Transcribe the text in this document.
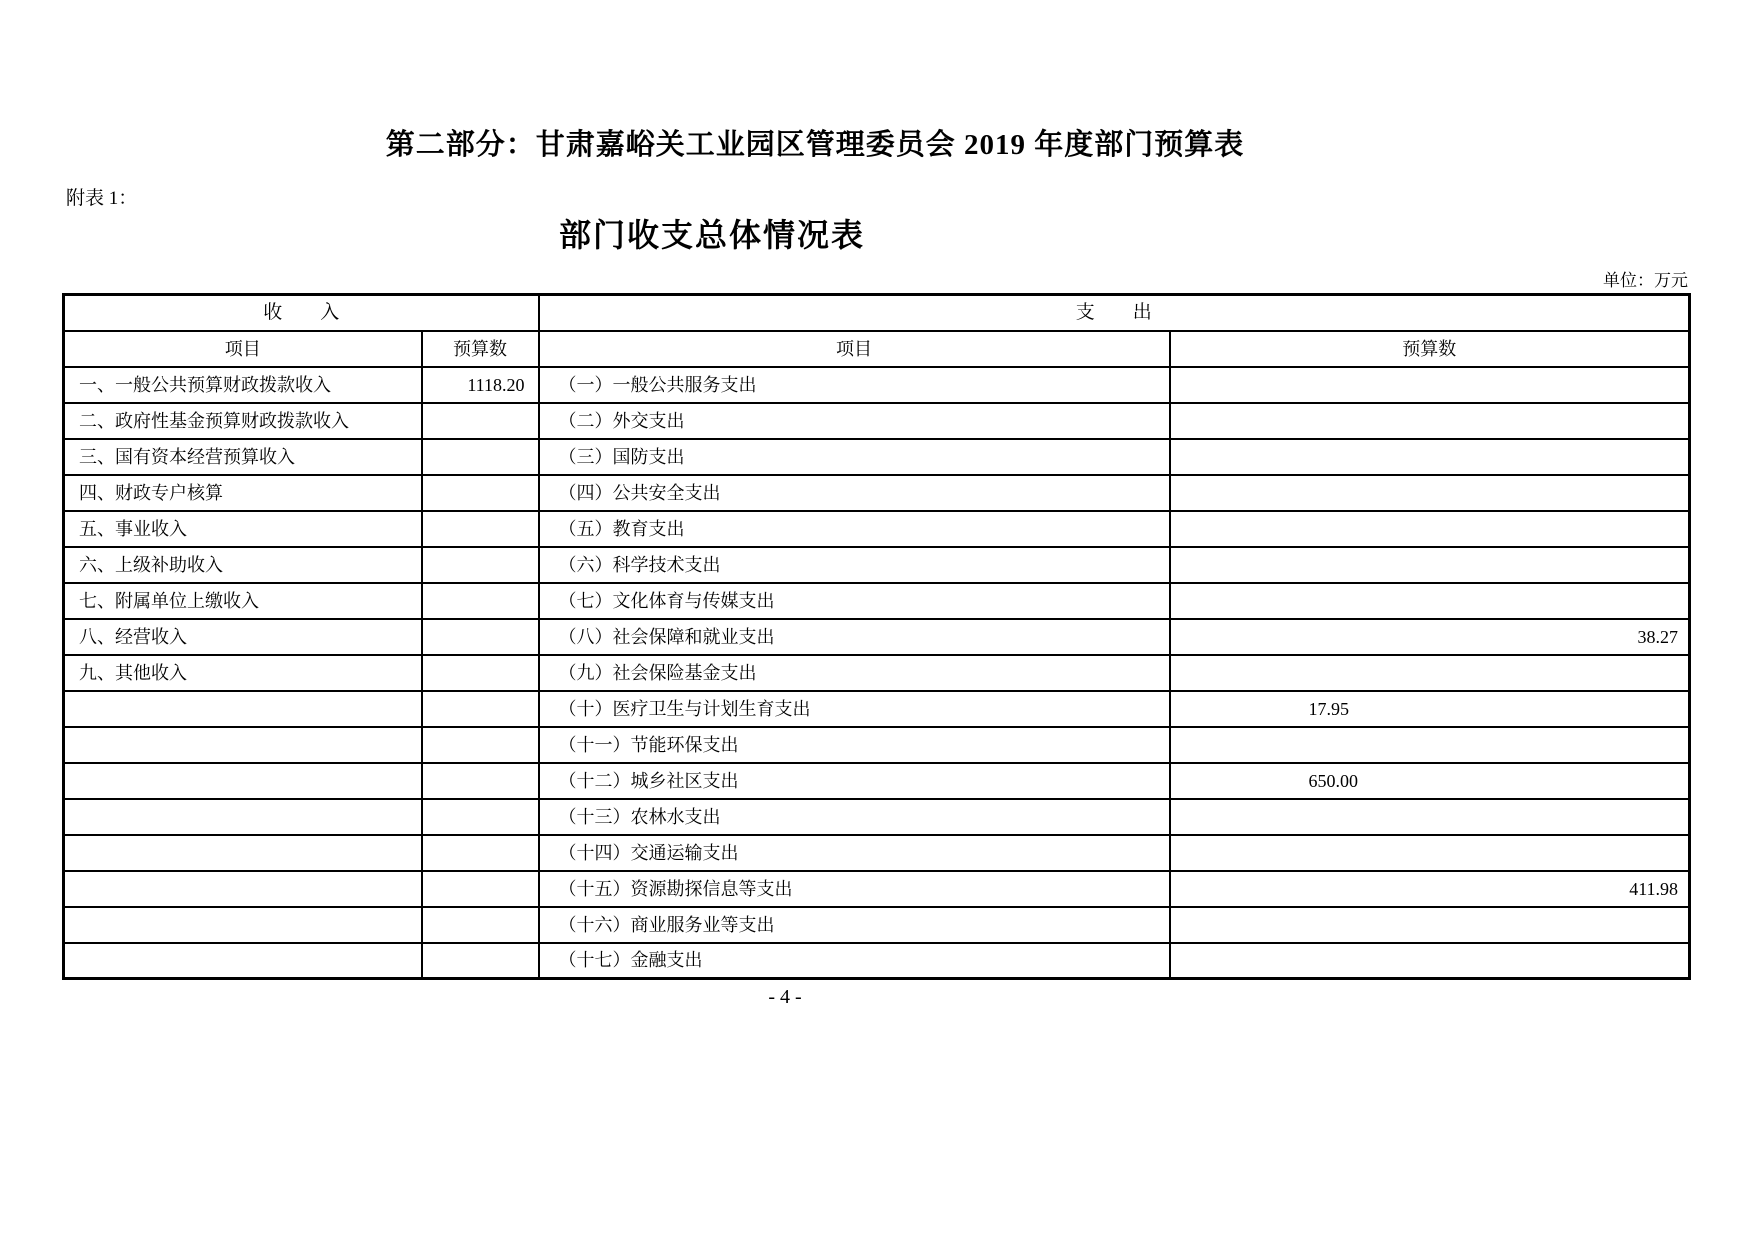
第二部分：甘肃嘉峪关工业园区管理委员会 2019 年度部门预算表
附表 1：
部门收支总体情况表
单位：万元
收　　入		支　　出	
项目	预算数	项目	预算数
一、一般公共预算财政拨款收入	1118.20	（一）一般公共服务支出	
二、政府性基金预算财政拨款收入		（二）外交支出	
三、国有资本经营预算收入		（三）国防支出	
四、财政专户核算		（四）公共安全支出	
五、事业收入		（五）教育支出	
六、上级补助收入		（六）科学技术支出	
七、附属单位上缴收入		（七）文化体育与传媒支出	
八、经营收入		（八）社会保障和就业支出	38.27
九、其他收入		（九）社会保险基金支出	
		（十）医疗卫生与计划生育支出	17.95
		（十一）节能环保支出	
		（十二）城乡社区支出	650.00
		（十三）农林水支出	
		（十四）交通运输支出	
		（十五）资源勘探信息等支出	411.98
		（十六）商业服务业等支出	
		（十七）金融支出	
- 4 -
